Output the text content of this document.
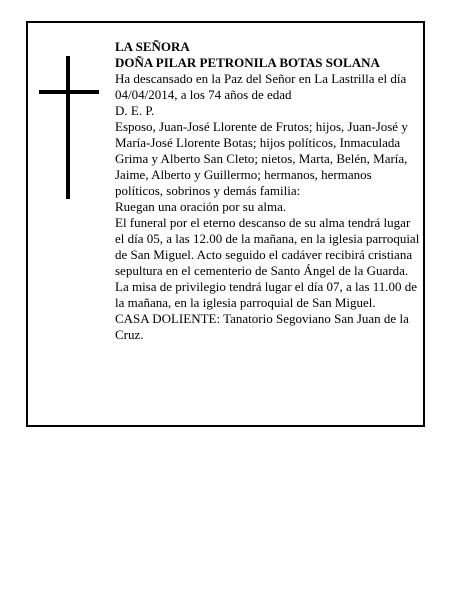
LA SEÑORA

DOÑA PILAR PETRONILA BOTAS SOLANA

Ha descansado en la Paz del Señor en La Lastrilla el día 04/04/2014, a los 74 años de edad

D. E. P.

Esposo, Juan-José Llorente de Frutos; hijos, Juan-José y María-José Llorente Botas; hijos políticos, Inmaculada Grima y Alberto San Cleto; nietos, Marta, Belén, María, Jaime, Alberto y Guillermo; hermanos, hermanos políticos, sobrinos y demás familia:

Ruegan una oración por su alma.

El funeral por el eterno descanso de su alma tendrá lugar el día 05, a las 12.00 de la mañana, en la iglesia parroquial de San Miguel. Acto seguido el cadáver recibirá cristiana sepultura en el cementerio de Santo Ángel de la Guarda. La misa de privilegio tendrá lugar el día 07, a las 11.00 de la mañana, en la iglesia parroquial de San Miguel.

CASA DOLIENTE: Tanatorio Segoviano San Juan de la Cruz.
